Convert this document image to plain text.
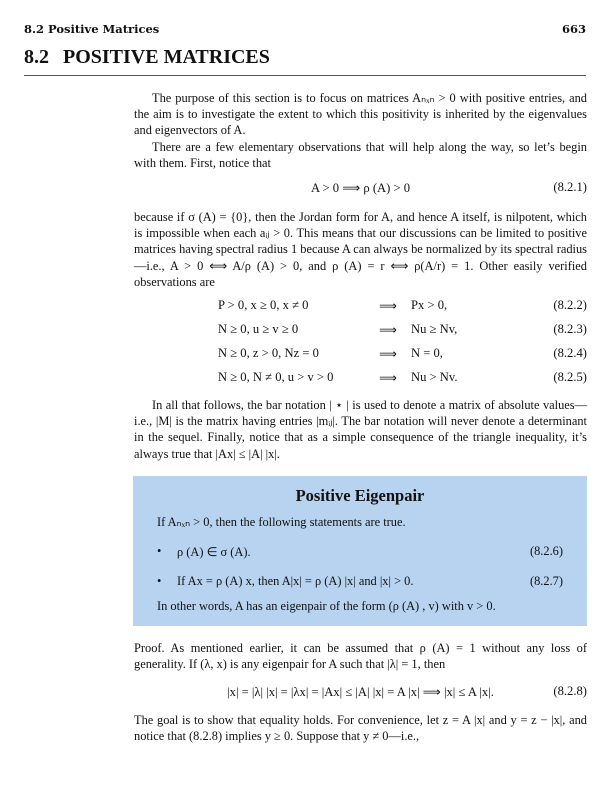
8.2 Positive Matrices	663
8.2 POSITIVE MATRICES
The purpose of this section is to focus on matrices Aₙₓₙ > 0 with positive entries, and the aim is to investigate the extent to which this positivity is inherited by the eigenvalues and eigenvectors of A.
There are a few elementary observations that will help along the way, so let’s begin with them. First, notice that
A > 0 ⟹ ρ (A) > 0	(8.2.1)
because if σ (A) = {0}, then the Jordan form for A, and hence A itself, is nilpotent, which is impossible when each aᵢⱼ > 0. This means that our discussions can be limited to positive matrices having spectral radius 1 because A can always be normalized by its spectral radius—i.e., A > 0 ⟺ A/ρ (A) > 0, and ρ (A) = r ⟺ ρ(A/r) = 1. Other easily verified observations are
P > 0, x ≥ 0, x ≠ 0	⟹ Px > 0,	(8.2.2)
N ≥ 0, u ≥ v ≥ 0	⟹ Nu ≥ Nv,	(8.2.3)
N ≥ 0, z > 0, Nz = 0	⟹ N = 0,	(8.2.4)
N ≥ 0, N ≠ 0, u > v > 0	⟹ Nu > Nv.	(8.2.5)
In all that follows, the bar notation | ⋆ | is used to denote a matrix of absolute values—i.e., |M| is the matrix having entries |mᵢⱼ|. The bar notation will never denote a determinant in the sequel. Finally, notice that as a simple consequence of the triangle inequality, it’s always true that |Ax| ≤ |A| |x|.
Positive Eigenpair
If Aₙₓₙ > 0, then the following statements are true.
• ρ (A) ∈ σ (A).	(8.2.6)
• If Ax = ρ (A) x, then A|x| = ρ (A) |x| and |x| > 0.	(8.2.7)
In other words, A has an eigenpair of the form (ρ (A) , v) with v > 0.
Proof. As mentioned earlier, it can be assumed that ρ (A) = 1 without any loss of generality. If (λ, x) is any eigenpair for A such that |λ| = 1, then
|x| = |λ| |x| = |λx| = |Ax| ≤ |A| |x| = A |x| ⟹ |x| ≤ A |x|.	(8.2.8)
The goal is to show that equality holds. For convenience, let z = A |x| and y = z − |x|, and notice that (8.2.8) implies y ≥ 0. Suppose that y ≠ 0—i.e.,
